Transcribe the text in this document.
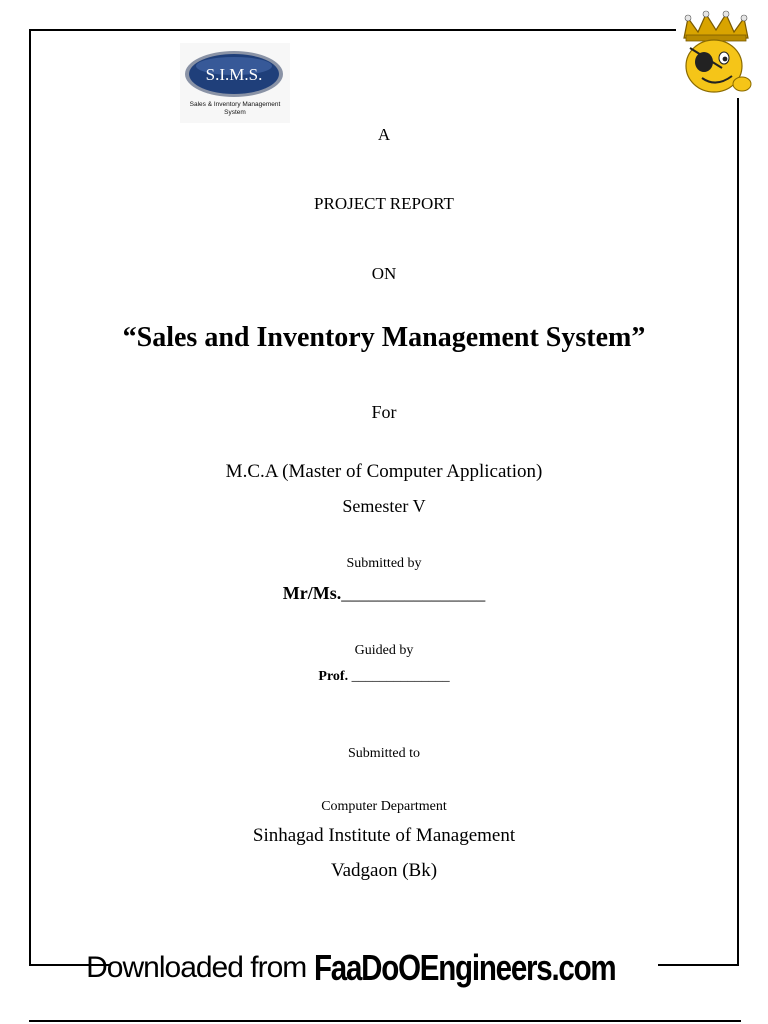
S.I.M.S.
Sales & Inventory Management
System
A
PROJECT REPORT
ON
“Sales and Inventory Management System”
For
M.C.A (Master of Computer Application)
Semester V
Submitted by
Mr/Ms.________________
Guided by
Prof. ______________
Submitted to
Computer Department
Sinhagad Institute of Management
Vadgaon (Bk)
Downloaded from FaaDoOEngineers.com
